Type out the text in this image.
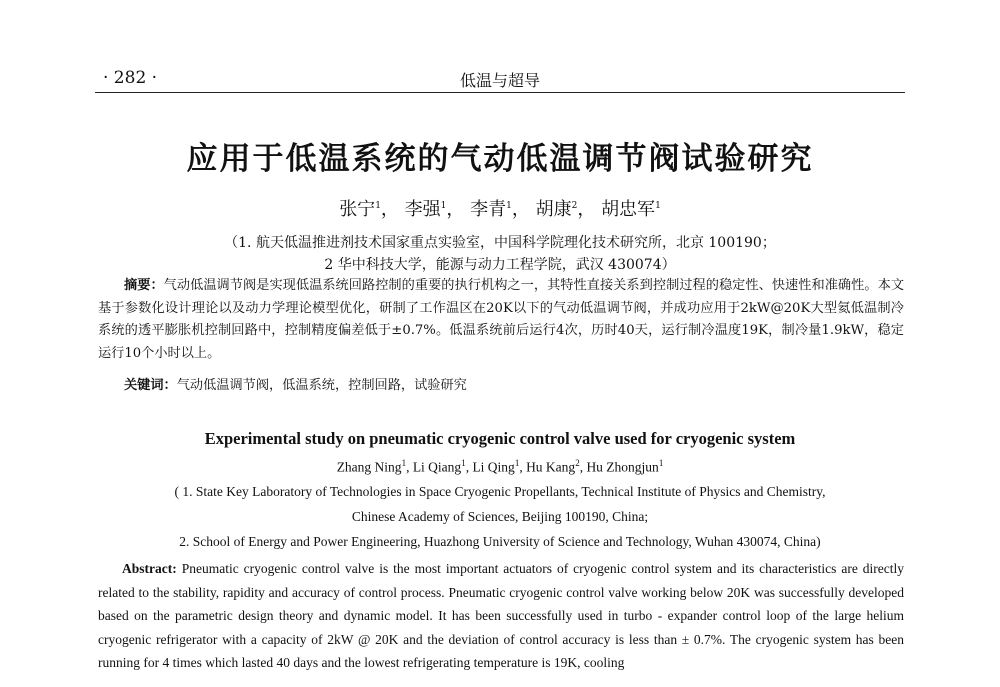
· 282 ·	低温与超导
应用于低温系统的气动低温调节阀试验研究
张宁$^1$， 李强$^1$， 李青$^1$， 胡康$^2$， 胡忠军$^1$
（1. 航天低温推进剂技术国家重点实验室，中国科学院理化技术研究所，北京 100190；
2 华中科技大学，能源与动力工程学院，武汉 430074）
摘要：气动低温调节阀是实现低温系统回路控制的重要的执行机构之一，其特性直接关系到控制过程的稳定性、快速性和准确性。本文基于参数化设计理论以及动力学理论模型优化，研制了工作温区在20K以下的气动低温调节阀，并成功应用于2kW@20K大型氦低温制冷系统的透平膨胀机控制回路中，控制精度偏差低于±0.7%。低温系统前后运行4次，历时40天，运行制冷温度19K，制冷量1.9kW，稳定运行10个小时以上。
关键词：气动低温调节阀，低温系统，控制回路，试验研究
Experimental study on pneumatic cryogenic control valve used for cryogenic system
Zhang Ning$^1$, Li Qiang$^1$, Li Qing$^1$, Hu Kang$^2$, Hu Zhongjun$^1$
( 1. State Key Laboratory of Technologies in Space Cryogenic Propellants, Technical Institute of Physics and Chemistry,
Chinese Academy of Sciences, Beijing 100190, China;
2. School of Energy and Power Engineering, Huazhong University of Science and Technology, Wuhan 430074, China)
Abstract: Pneumatic cryogenic control valve is the most important actuators of cryogenic control system and its characteristics are directly related to the stability, rapidity and accuracy of control process. Pneumatic cryogenic control valve working below 20K was successfully developed based on the parametric design theory and dynamic model. It has been successfully used in turbo - expander control loop of the large helium cryogenic refrigerator with a capacity of 2kW @ 20K and the deviation of control accuracy is less than ± 0.7%. The cryogenic system has been running for 4 times which lasted 40 days and the lowest refrigerating temperature is 19K, cooling
